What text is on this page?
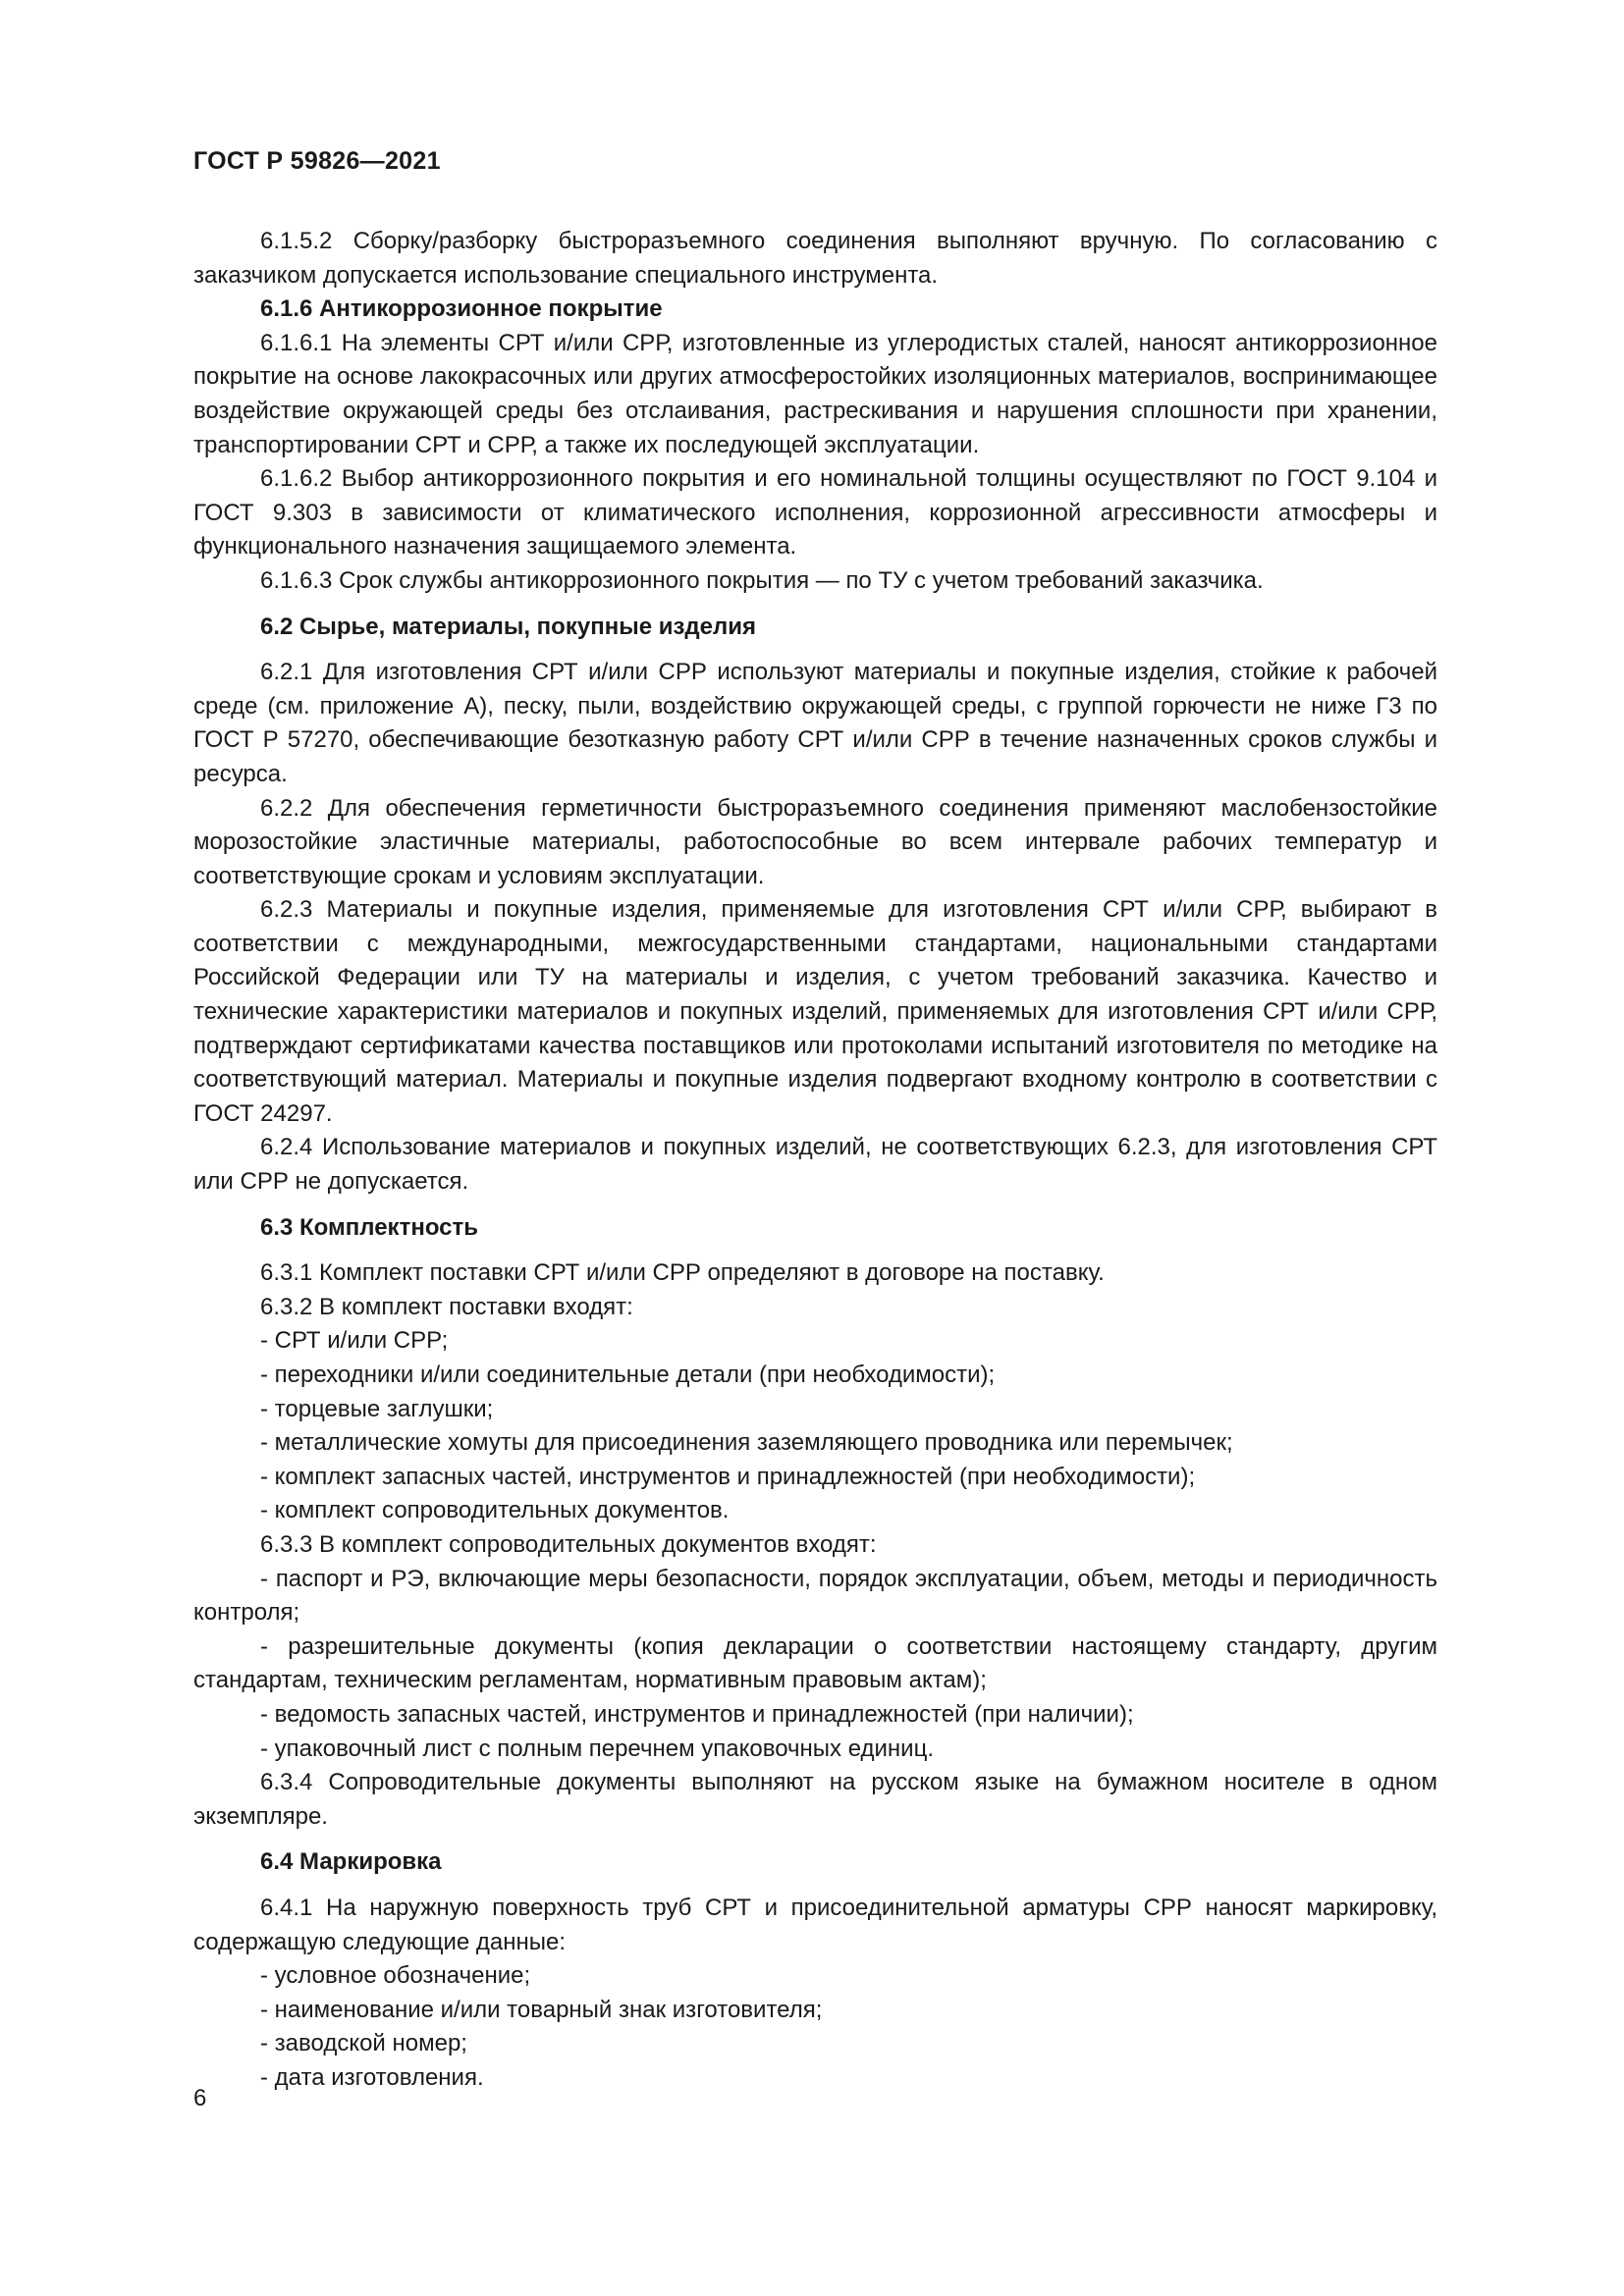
ГОСТ Р 59826—2021

6.1.5.2 Сборку/разборку быстроразъемного соединения выполняют вручную. По согласованию с заказчиком допускается использование специального инструмента.

6.1.6 Антикоррозионное покрытие

6.1.6.1 На элементы СРТ и/или СРР, изготовленные из углеродистых сталей, наносят антикоррозионное покрытие на основе лакокрасочных или других атмосферостойких изоляционных материалов, воспринимающее воздействие окружающей среды без отслаивания, растрескивания и нарушения сплошности при хранении, транспортировании СРТ и СРР, а также их последующей эксплуатации.

6.1.6.2 Выбор антикоррозионного покрытия и его номинальной толщины осуществляют по ГОСТ 9.104 и ГОСТ 9.303 в зависимости от климатического исполнения, коррозионной агрессивности атмосферы и функционального назначения защищаемого элемента.

6.1.6.3 Срок службы антикоррозионного покрытия — по ТУ с учетом требований заказчика.

6.2 Сырье, материалы, покупные изделия

6.2.1 Для изготовления СРТ и/или СРР используют материалы и покупные изделия, стойкие к рабочей среде (см. приложение А), песку, пыли, воздействию окружающей среды, с группой горючести не ниже Г3 по ГОСТ Р 57270, обеспечивающие безотказную работу СРТ и/или СРР в течение назначенных сроков службы и ресурса.

6.2.2 Для обеспечения герметичности быстроразъемного соединения применяют маслобензостойкие морозостойкие эластичные материалы, работоспособные во всем интервале рабочих температур и соответствующие срокам и условиям эксплуатации.

6.2.3 Материалы и покупные изделия, применяемые для изготовления СРТ и/или СРР, выбирают в соответствии с международными, межгосударственными стандартами, национальными стандартами Российской Федерации или ТУ на материалы и изделия, с учетом требований заказчика. Качество и технические характеристики материалов и покупных изделий, применяемых для изготовления СРТ и/или СРР, подтверждают сертификатами качества поставщиков или протоколами испытаний изготовителя по методике на соответствующий материал. Материалы и покупные изделия подвергают входному контролю в соответствии с ГОСТ 24297.

6.2.4 Использование материалов и покупных изделий, не соответствующих 6.2.3, для изготовления СРТ или СРР не допускается.

6.3 Комплектность

6.3.1 Комплект поставки СРТ и/или СРР определяют в договоре на поставку.

6.3.2 В комплект поставки входят:

- СРТ и/или СРР;

- переходники и/или соединительные детали (при необходимости);

- торцевые заглушки;

- металлические хомуты для присоединения заземляющего проводника или перемычек;

- комплект запасных частей, инструментов и принадлежностей (при необходимости);

- комплект сопроводительных документов.

6.3.3 В комплект сопроводительных документов входят:

- паспорт и РЭ, включающие меры безопасности, порядок эксплуатации, объем, методы и периодичность контроля;

- разрешительные документы (копия декларации о соответствии настоящему стандарту, другим стандартам, техническим регламентам, нормативным правовым актам);

- ведомость запасных частей, инструментов и принадлежностей (при наличии);

- упаковочный лист с полным перечнем упаковочных единиц.

6.3.4 Сопроводительные документы выполняют на русском языке на бумажном носителе в одном экземпляре.

6.4 Маркировка

6.4.1 На наружную поверхность труб СРТ и присоединительной арматуры СРР наносят маркировку, содержащую следующие данные:

- условное обозначение;

- наименование и/или товарный знак изготовителя;

- заводской номер;

- дата изготовления.

6
